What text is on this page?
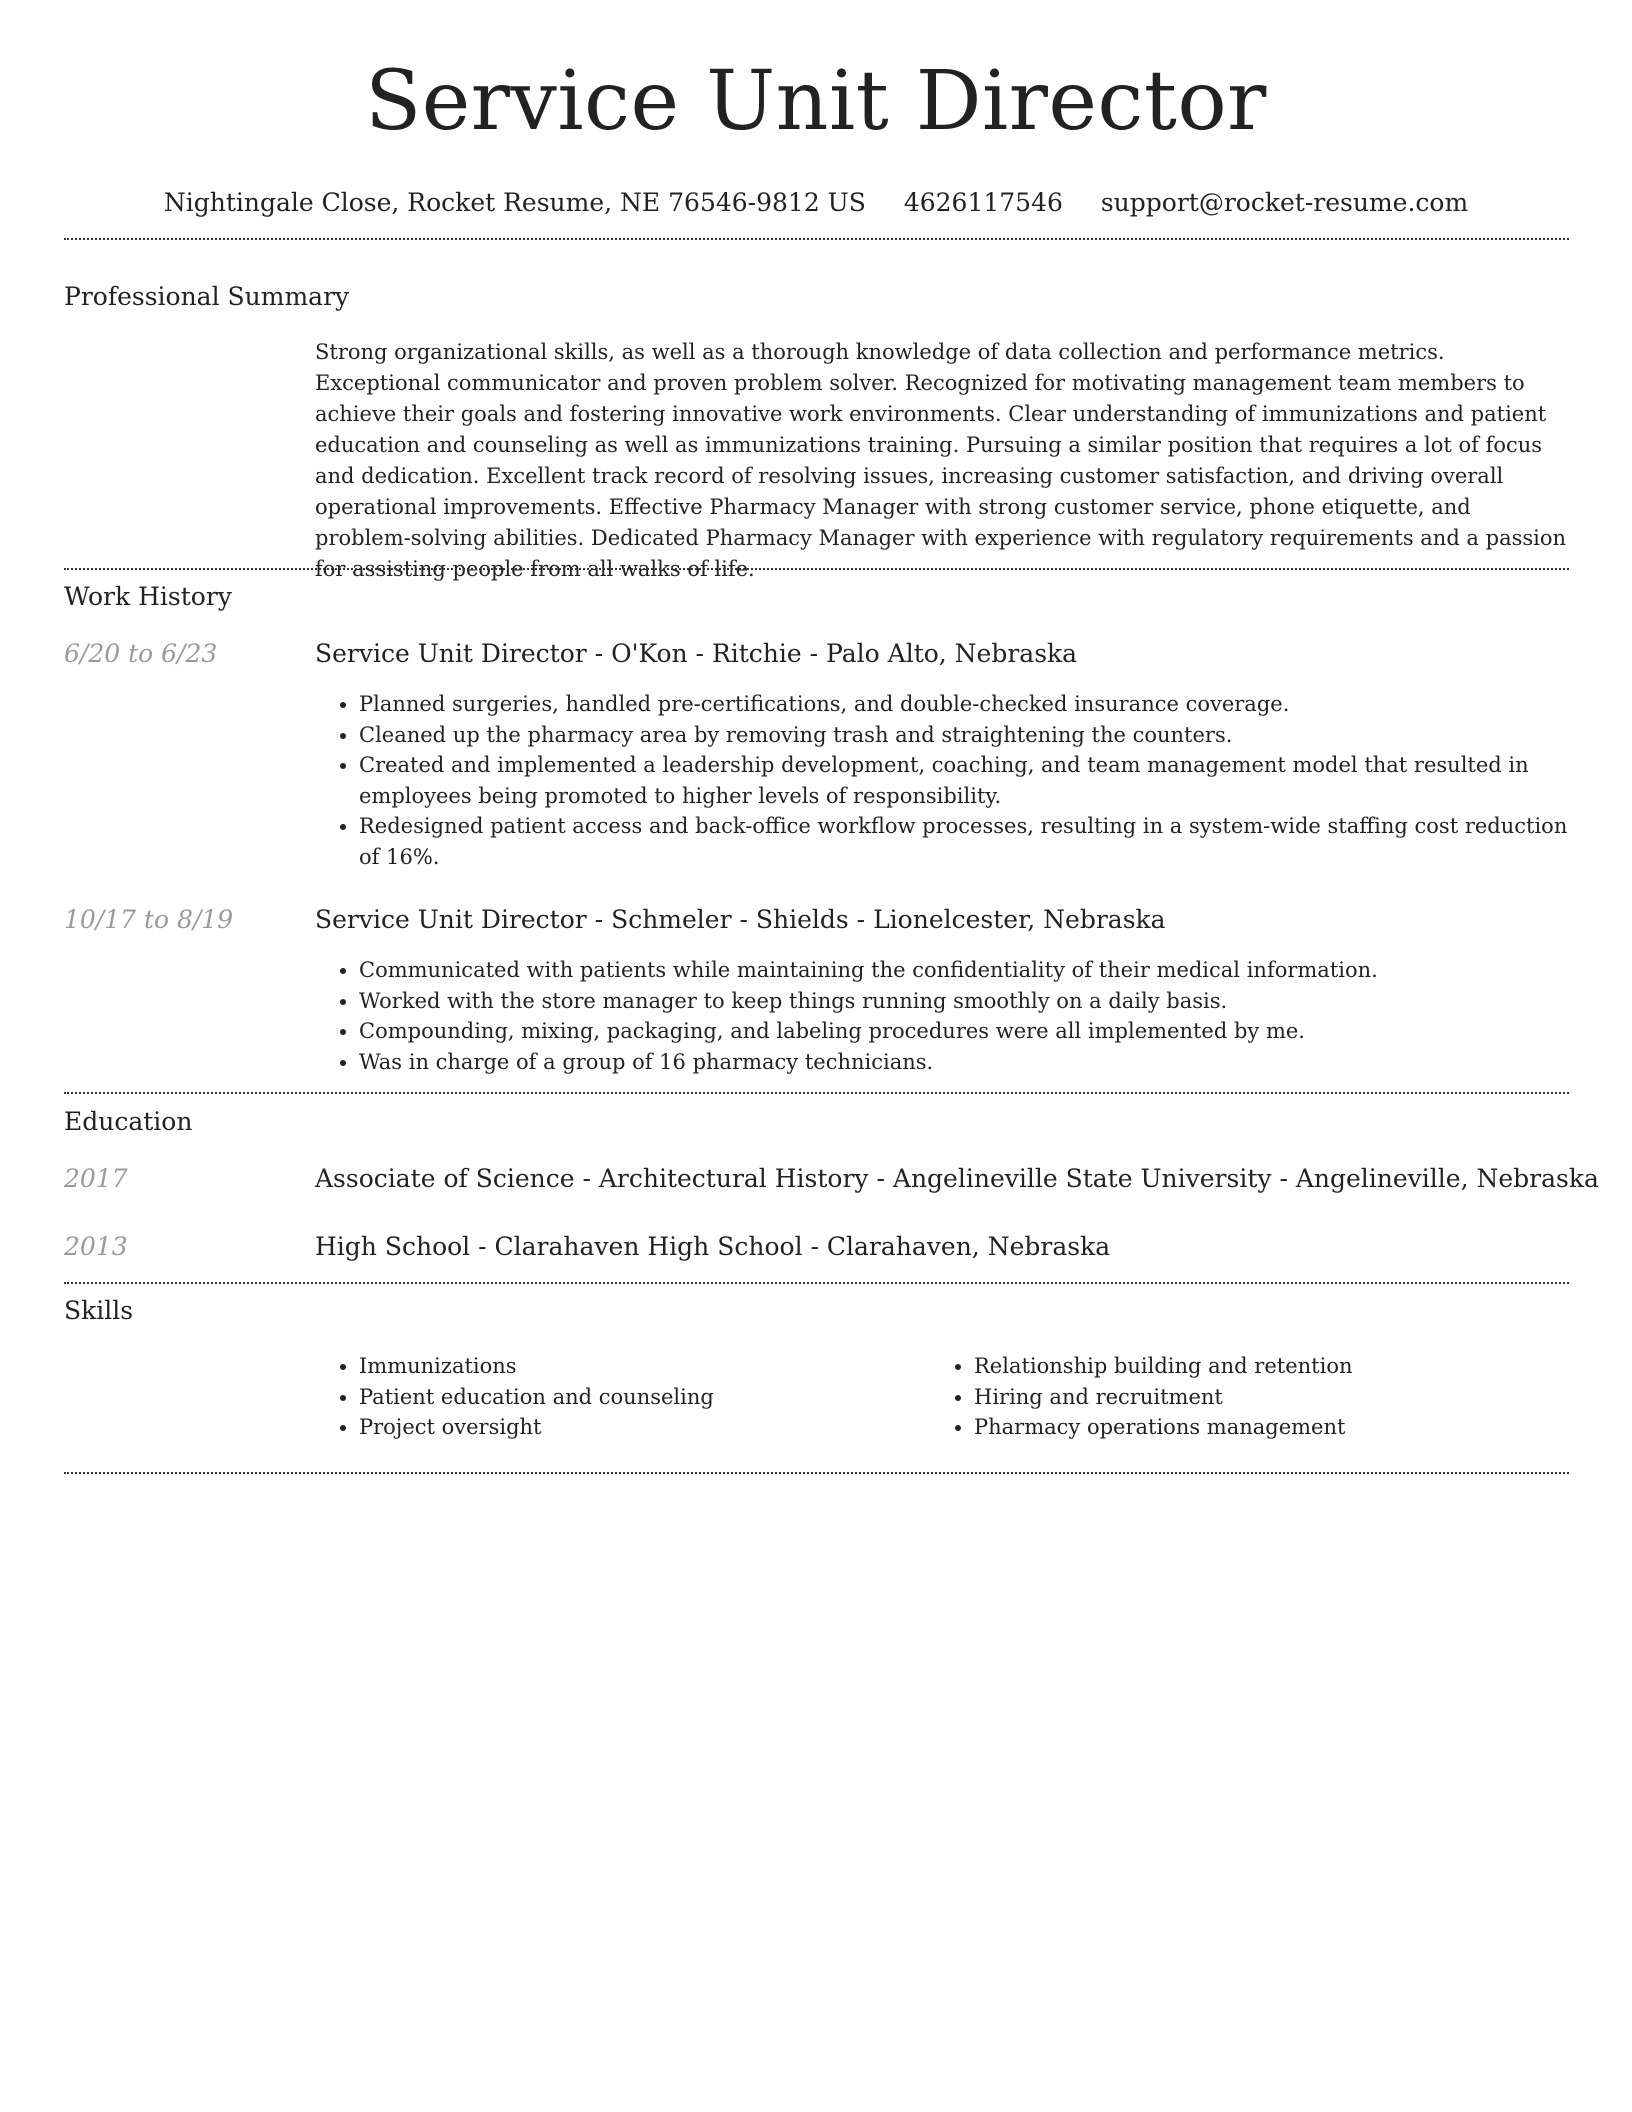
Service Unit Director
Nightingale Close, Rocket Resume, NE 76546-9812 US 4626117546 support@rocket-resume.com
Professional Summary

Strong organizational skills, as well as a thorough knowledge of data collection and performance metrics. Exceptional communicator and proven problem solver. Recognized for motivating management team members to achieve their goals and fostering innovative work environments. Clear understanding of immunizations and patient education and counseling as well as immunizations training. Pursuing a similar position that requires a lot of focus and dedication. Excellent track record of resolving issues, increasing customer satisfaction, and driving overall operational improvements. Effective Pharmacy Manager with strong customer service, phone etiquette, and problem-solving abilities. Dedicated Pharmacy Manager with experience with regulatory requirements and a passion for assisting people from all walks of life.

Work History
6/20 to 6/23	Service Unit Director - O'Kon - Ritchie - Palo Alto, Nebraska
• Planned surgeries, handled pre-certifications, and double-checked insurance coverage.
• Cleaned up the pharmacy area by removing trash and straightening the counters.
• Created and implemented a leadership development, coaching, and team management model that resulted in employees being promoted to higher levels of responsibility.
• Redesigned patient access and back-office workflow processes, resulting in a system-wide staffing cost reduction of 16%.
10/17 to 8/19	Service Unit Director - Schmeler - Shields - Lionelcester, Nebraska
• Communicated with patients while maintaining the confidentiality of their medical information.
• Worked with the store manager to keep things running smoothly on a daily basis.
• Compounding, mixing, packaging, and labeling procedures were all implemented by me.
• Was in charge of a group of 16 pharmacy technicians.
Education
2017	Associate of Science - Architectural History - Angelineville State University - Angelineville, Nebraska
2013	High School - Clarahaven High School - Clarahaven, Nebraska
Skills
• Immunizations
• Patient education and counseling
• Project oversight
• Relationship building and retention
• Hiring and recruitment
• Pharmacy operations management
